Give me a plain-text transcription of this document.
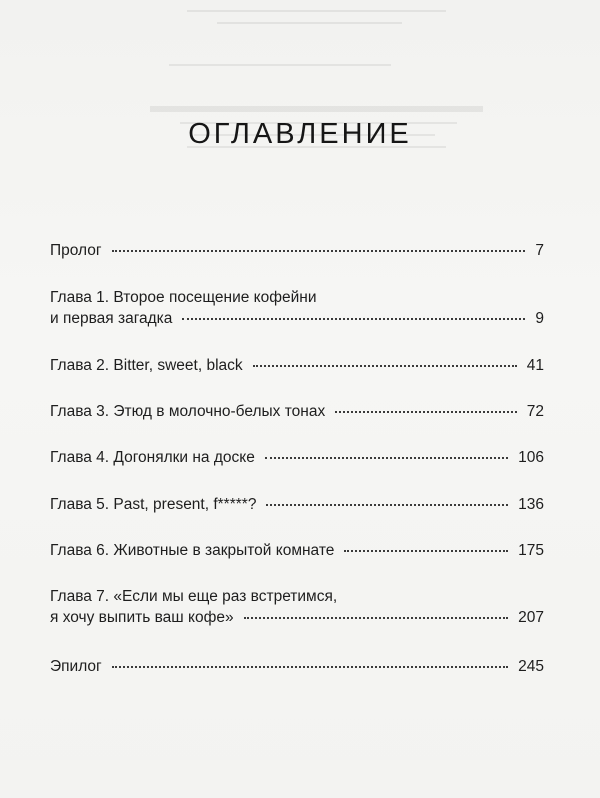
ОГЛАВЛЕНИЕ
Пролог	7
Глава 1. Второе посещение кофейни
и первая загадка	9
Глава 2. Bitter, sweet, black	41
Глава 3. Этюд в молочно-белых тонах	72
Глава 4. Догонялки на доске	106
Глава 5. Past, present, f*****?	136
Глава 6. Животные в закрытой комнате	175
Глава 7. «Если мы еще раз встретимся,
я хочу выпить ваш кофе»	207
Эпилог	245
